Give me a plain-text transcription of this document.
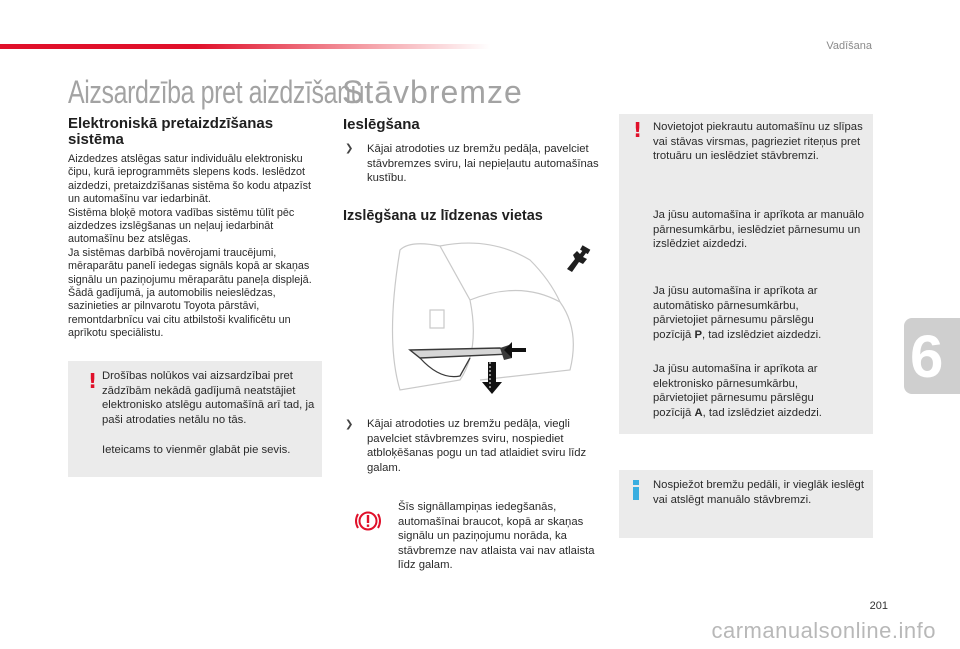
Vadīšana
6
Aizsardzība pret aizdzīšanu
Elektroniskā pretaizdzīšanas sistēma

Aizdedzes atslēgas satur individuālu elektronisku čipu, kurā ieprogrammēts slepens kods. Ieslēdzot aizdedzi, pretaizdzīšanas sistēma šo kodu atpazīst un automašīnu var iedarbināt.

Sistēma bloķē motora vadības sistēmu tūlīt pēc aizdedzes izslēgšanas un neļauj iedarbināt automašīnu bez atslēgas.

Ja sistēmas darbībā novērojami traucējumi, mēraparātu panelī iedegas signāls kopā ar skaņas signālu un paziņojumu mēraparātu paneļa displejā. Šādā gadījumā, ja automobilis neieslēdzas, sazinieties ar pilnvarotu Toyota pārstāvi, remontdarbnīcu vai citu atbilstoši kvalificētu un aprīkotu speciālistu.

! Drošības nolūkos vai aizsardzībai pret zādzībām nekādā gadījumā neatstājiet elektronisko atslēgu automašīnā arī tad, ja paši atrodaties netālu no tās.

Ieteicams to vienmēr glabāt pie sevis.

Stāvbremze
Ieslēgšana
❯ Kājai atrodoties uz bremžu pedāļa, pavelciet stāvbremzes sviru, lai nepieļautu automašīnas kustību.

Izslēgšana uz līdzenas vietas
❯ Kājai atrodoties uz bremžu pedāļa, viegli pavelciet stāvbremzes sviru, nospiediet atbloķēšanas pogu un tad atlaidiet sviru līdz galam.

Šīs signāllampiņas iedegšanās, automašīnai braucot, kopā ar skaņas signālu un paziņojumu norāda, ka stāvbremze nav atlaista vai nav atlaista līdz galam.

! Novietojot piekrautu automašīnu uz slīpas vai stāvas virsmas, pagrieziet riteņus pret trotuāru un ieslēdziet stāvbremzi.

Ja jūsu automašīna ir aprīkota ar manuālo pārnesumkārbu, ieslēdziet pārnesumu un izslēdziet aizdedzi.

Ja jūsu automašīna ir aprīkota ar automātisko pārnesumkārbu, pārvietojiet pārnesumu pārslēgu pozīcijā P, tad izslēdziet aizdedzi.

Ja jūsu automašīna ir aprīkota ar elektronisko pārnesumkārbu, pārvietojiet pārnesumu pārslēgu pozīcijā A, tad izslēdziet aizdedzi.

Nospiežot bremžu pedāli, ir vieglāk ieslēgt vai atslēgt manuālo stāvbremzi.

201
carmanualsonline.info
